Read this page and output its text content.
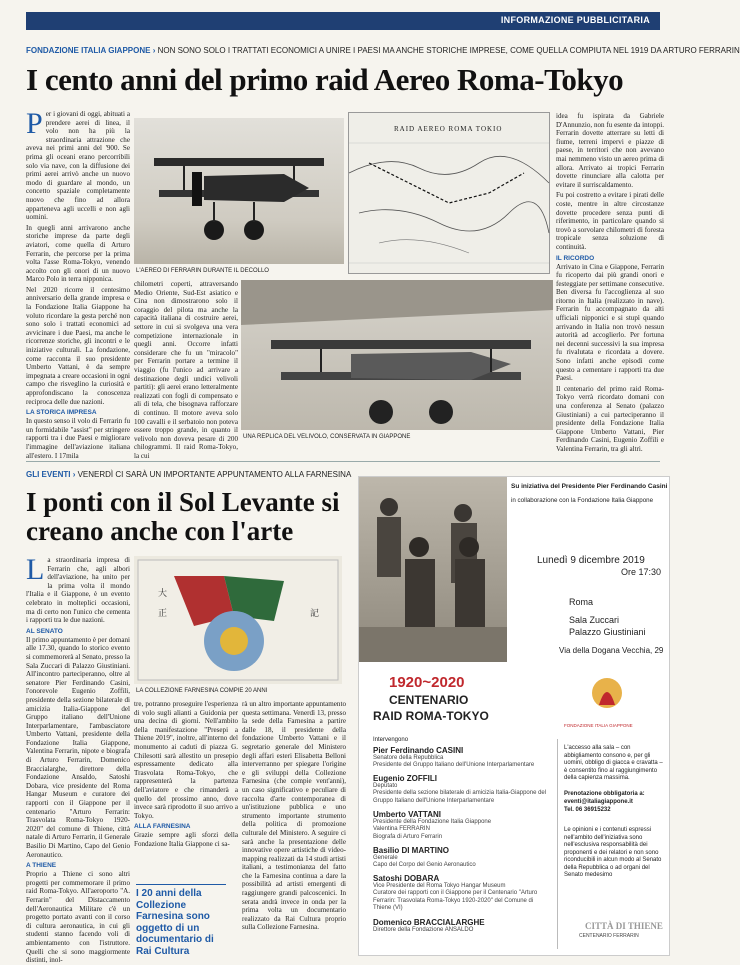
INFORMAZIONE PUBBLICITARIA
FONDAZIONE ITALIA GIAPPONE › NON SONO SOLO I TRATTATI ECONOMICI A UNIRE I PAESI MA ANCHE STORICHE IMPRESE, COME QUELLA COMPIUTA NEL 1919 DA ARTURO FERRARIN
I cento anni del primo raid Aereo Roma-Tokyo

Per i giovani di oggi, abituati a prendere aerei di linea, il volo non ha più la straordinaria attrazione che aveva nei primi anni del '900. Se prima gli oceani erano percorribili solo via nave, con la diffusione dei primi aerei arrivò anche un nuovo modo di guardare al mondo, un concetto spaziale completamente nuovo che fino ad allora apparteneva agli uccelli e non agli uomini.

In quegli anni arrivarono anche storiche imprese da parte degli aviatori, come quella di Arturo Ferrarin, che percorse per la prima volta l'asse Roma-Tokyo, venendo accolto con gli onori di un nuovo Marco Polo in terra nipponica.

Nel 2020 ricorre il centesimo anniversario della grande impresa e la Fondazione Italia Giappone ha voluto ricordare la gesta perché non sono solo i trattati economici ad avvicinare i due Paesi, ma anche le ricorrenze storiche, gli incontri e le iniziative culturali. La fondazione, come racconta il suo presidente Umberto Vattani, è da sempre impegnata a creare occasioni in ogni campo che risveglino la curiosità e approfondiscano la conoscenza reciproca delle due nazioni.

LA STORICA IMPRESA

In questo senso il volo di Ferrarin fu un formidabile "assist" per stringere rapporti tra i due Paesi e migliorare l'immagine dell'aviazione italiana all'estero. I 17mila

L'AEREO DI FERRARIN DURANTE IL DECOLLO
RAID AEREO ROMA TOKIO

chilometri coperti, attraversando Medio Oriente, Sud-Est asiatico e Cina non dimostrarono solo il coraggio del pilota ma anche la capacità italiana di costruire aerei, settore in cui si svolgeva una vera competizione internazionale in quegli anni. Occorre infatti considerare che fu un "miracolo" per Ferrarin portare a termine il viaggio (fu l'unico ad arrivare a destinazione degli undici velivoli partiti): gli aerei erano letteralmente realizzati con fogli di compensato e ali di tela, che bisognava rafforzare di continuo. Il motore aveva solo 100 cavalli e il serbatoio non poteva essere troppo grande, in quanto il velivolo non doveva pesare di 200 chilogrammi. Il raid Roma-Tokyo, la cui

UNA REPLICA DEL VELIVOLO, CONSERVATA IN GIAPPONE

idea fu ispirata da Gabriele D'Annunzio, non fu esente da intoppi. Ferrarin dovette atterrare su letti di fiume, terreni impervi e piazze di paese, in territori che non avevano mai nemmeno visto un aereo prima di allora. Arrivato ai tropici Ferrarin dovette rinunciare alla calotta per evitare il surriscaldamento.

Fu poi costretto a evitare i pirati delle coste, mentre in altre circostanze dovette procedere senza punti di riferimento, in particolare quando si trovò a sorvolare chilometri di foresta tropicale senza soluzione di continuità.

IL RICORDO

Arrivato in Cina e Giappone, Ferrarin fu ricoperto dai più grandi onori e festeggiate per settimane consecutive. Ben diversa fu l'accoglienza al suo ritorno in Italia (realizzato in nave). Ferrarin fu accompagnato da alti ufficiali nipponici e si stupì quando arrivando in Italia non trovò nessun autorità ad accoglierlo. Per fortuna nei decenni successivi la sua impresa fu rivalutata e ricordata a dovere. Sono infatti anche episodi come questo a cementare i rapporti tra due Paesi.

Il centenario del primo raid Roma-Tokyo verrà ricordato domani con una conferenza al Senato (palazzo Giustiniani) a cui parteciperanno il presidente della Fondazione Italia Giappone Umberto Vattani, Pier Ferdinando Casini, Eugenio Zoffili e Valentina Ferrarin, tra gli altri.

GLI EVENTI › VENERDÌ CI SARÀ UN IMPORTANTE APPUNTAMENTO ALLA FARNESINA
I ponti con il Sol Levante si creano anche con l'arte

La straordinaria impresa di Ferrarin che, agli albori dell'aviazione, ha unito per la prima volta il mondo l'Italia e il Giappone, è un evento celebrato in molteplici occasioni, ma di certo non l'unico che cementa i rapporti tra le due nazioni.

AL SENATO

Il primo appuntamento è per domani alle 17.30, quando lo storico evento si commemorerà al Senato, presso la Sala Zuccari di Palazzo Giustiniani. All'incontro parteciperanno, oltre al senatore Pier Ferdinando Casini, l'onorevole Eugenio Zoffili, presidente della sezione bilaterale di amicizia Italia-Giappone del Gruppo italiano dell'Unione Interparlamentare, l'ambasciatore Umberto Vattani, presidente della Fondazione Italia Giappone, Valentina Ferrarin, nipote e biografa di Arturo Ferrarin, Domenico Braccialarghe, direttore della Fondazione Ansaldo, Satoshi Dobara, vice presidente del Roma Hangar Museum e curatore dei rapporti con il Giappone per il centenario "Arturo Ferrarin: Trasvolata Roma-Tokyo 1920-2020" del comune di Thiene, città natale di Arturo Ferrarin, il Generale Basilio Di Martino, Capo del Genio Aeronautico.

A THIENE

Proprio a Thiene ci sono altri progetti per commemorare il primo raid Roma-Tokyo. All'aeroporto "A. Ferrarin" del Distaccamento dell'Aeronautica Militare c'è un progetto portato avanti con il corso di cultura aeronautica, in cui gli studenti stanno facendo voli di ambientamento con l'istruttore. Quelli che si sono maggiormente distinti, inol-

大
正	記
LA COLLEZIONE FARNESINA COMPIE 20 ANNI

tre, potranno proseguire l'esperienza di volo sugli alianti a Guidonia per una decina di giorni. Nell'ambito della manifestazione "Presepi a Thiene 2019", inoltre, all'interno del monumento ai caduti di piazza G. Chilesotti sarà allestito un presepio espressamente dedicato alla Trasvolata Roma-Tokyo, che rappresenterà la partenza dell'aviatore e che rimanderà a quello del prossimo anno, dove invece sarà riprodotto il suo arrivo a Tokyo.

ALLA FARNESINA

Grazie sempre agli sforzi della Fondazione Italia Giappone ci sa-

I 20 anni della Collezione Farnesina sono oggetto di un documentario di Rai Cultura

rà un altro importante appuntamento questa settimana. Venerdì 13, presso la sede della Farnesina a partire dalle 18, il presidente della fondazione Umberto Vattani e il segretario generale del Ministero degli affari esteri Elisabetta Belloni interverranno per spiegare l'origine e gli sviluppi della Collezione Farnesina (che compie vent'anni), un caso significativo e peculiare di raccolta d'arte contemporanea di un'istituzione pubblica e uno strumento importante strumento della politica di promozione culturale del Ministero. A seguire ci sarà anche la presentazione delle innovative opere artistiche di video-mapping realizzati da 14 studi artisti italiani, a testimonianza del fatto che la Farnesina continua a dare la possibilità ad artisti emergenti di raggiungere grandi palcoscenici. In serata andrà invece in onda per la prima volta un documentario realizzato da Rai Cultura proprio sulla Collezione Farnesina.

Su iniziativa del Presidente Pier Ferdinando Casini
in collaborazione con la Fondazione Italia Giappone
Lunedì 9 dicembre 2019
Ore 17:30
Roma
Sala Zuccari
Palazzo Giustiniani
Via della Dogana Vecchia, 29
1920~2020
CENTENARIO
RAID ROMA-TOKYO
FONDAZIONE ITALIA GIAPPONE
Intervengono
Pier Ferdinando CASINI
Senatore della Repubblica
Presidente del Gruppo Italiano dell'Unione Interparlamentare
Eugenio ZOFFILI
Deputato
Presidente della sezione bilaterale di amicizia Italia-Giappone del Gruppo Italiano dell'Unione Interparlamentare
Umberto VATTANI
Presidente della Fondazione Italia Giappone
Valentina FERRARIN
Biografa di Arturo Ferrarin
Basilio DI MARTINO
Generale
Capo del Corpo del Genio Aeronautico
Satoshi DOBARA
Vice Presidente del Roma Tokyo Hangar Museum
Curatore dei rapporti con il Giappone per il Centenario "Arturo Ferrarin: Trasvolata Roma-Tokyo 1920-2020" del Comune di Thiene (VI)
Domenico BRACCIALARGHE
Direttore della Fondazione ANSALDO
L'accesso alla sala – con abbigliamento consono e, per gli uomini, obbligo di giacca e cravatta – è consentito fino al raggiungimento della capienza massima.
Prenotazione obbligatoria a:
eventi@italiagiappone.it
Tel. 06 36915232
Le opinioni e i contenuti espressi nell'ambito dell'iniziativa sono nell'esclusiva responsabilità dei proponenti e dei relatori e non sono riconducibili in alcun modo al Senato della Repubblica o ad organi del Senato medesimo
CITTÀ DI THIENE
CENTENARIO FERRARIN
